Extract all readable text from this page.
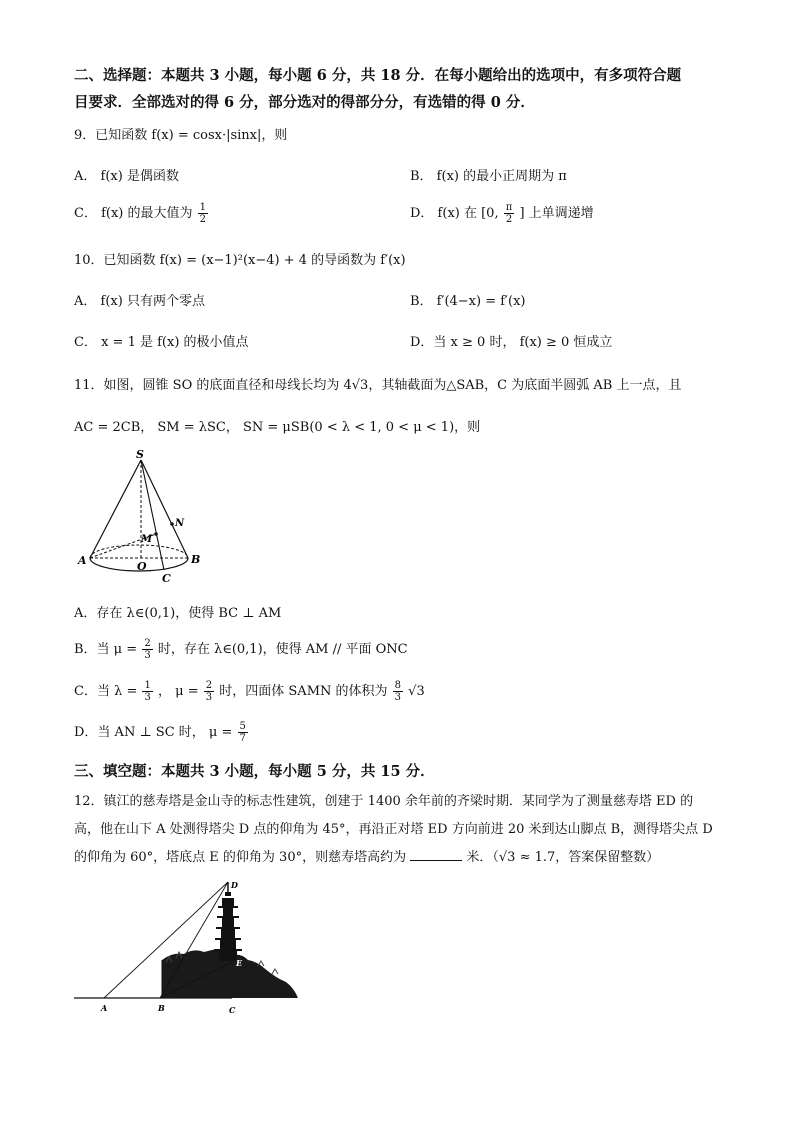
二、选择题：本题共 3 小题，每小题 6 分，共 18 分．在每小题给出的选项中，有多项符合题
目要求．全部选对的得 6 分，部分选对的得部分分，有选错的得 0 分．
9．已知函数 f(x) = cosx·|sinx|，则
A． f(x) 是偶函数	B． f(x) 的最小正周期为 π
C． f(x) 的最大值为 $\frac{1}{2}$	D． f(x) 在 [0, $\frac{\pi}{2}$ ] 上单调递增
10．已知函数 f(x) = (x−1)²(x−4) + 4 的导函数为 f′(x)
A． f(x) 只有两个零点	B． f′(4−x) = f′(x)
C． x = 1 是 f(x) 的极小值点	D．当 x ≥ 0 时， f(x) ≥ 0 恒成立
11．如图，圆锥 SO 的底面直径和母线长均为 4√3，其轴截面为△SAB，C 为底面半圆弧 AB 上一点，且
AC = 2CB， SM = λSC， SN = μSB(0 < λ < 1, 0 < μ < 1)，则
S
N
M
A	O
B
C
A．存在 λ∈(0,1)，使得 BC ⊥ AM
B．当 $\mu = \frac{2}{3}$ 时，存在 λ∈(0,1)，使得 AM // 平面 ONC
C．当 $\lambda = \frac{1}{3}$ ， $\mu = \frac{2}{3}$ 时，四面体 SAMN 的体积为 $\frac{8}{3} √3$
D．当 AN ⊥ SC 时， $\mu = \frac{5}{7}$
三、填空题：本题共 3 小题，每小题 5 分，共 15 分．
12．镇江的慈寿塔是金山寺的标志性建筑，创建于 1400 余年前的齐梁时期．某同学为了测量慈寿塔 ED 的
高，他在山下 A 处测得塔尖 D 点的仰角为 45°，再沿正对塔 ED 方向前进 20 米到达山脚点 B，测得塔尖点 D
的仰角为 60°，塔底点 E 的仰角为 30°，则慈寿塔高约为	米．（√3 ≈ 1.7，答案保留整数）
D
E
A	B	C
